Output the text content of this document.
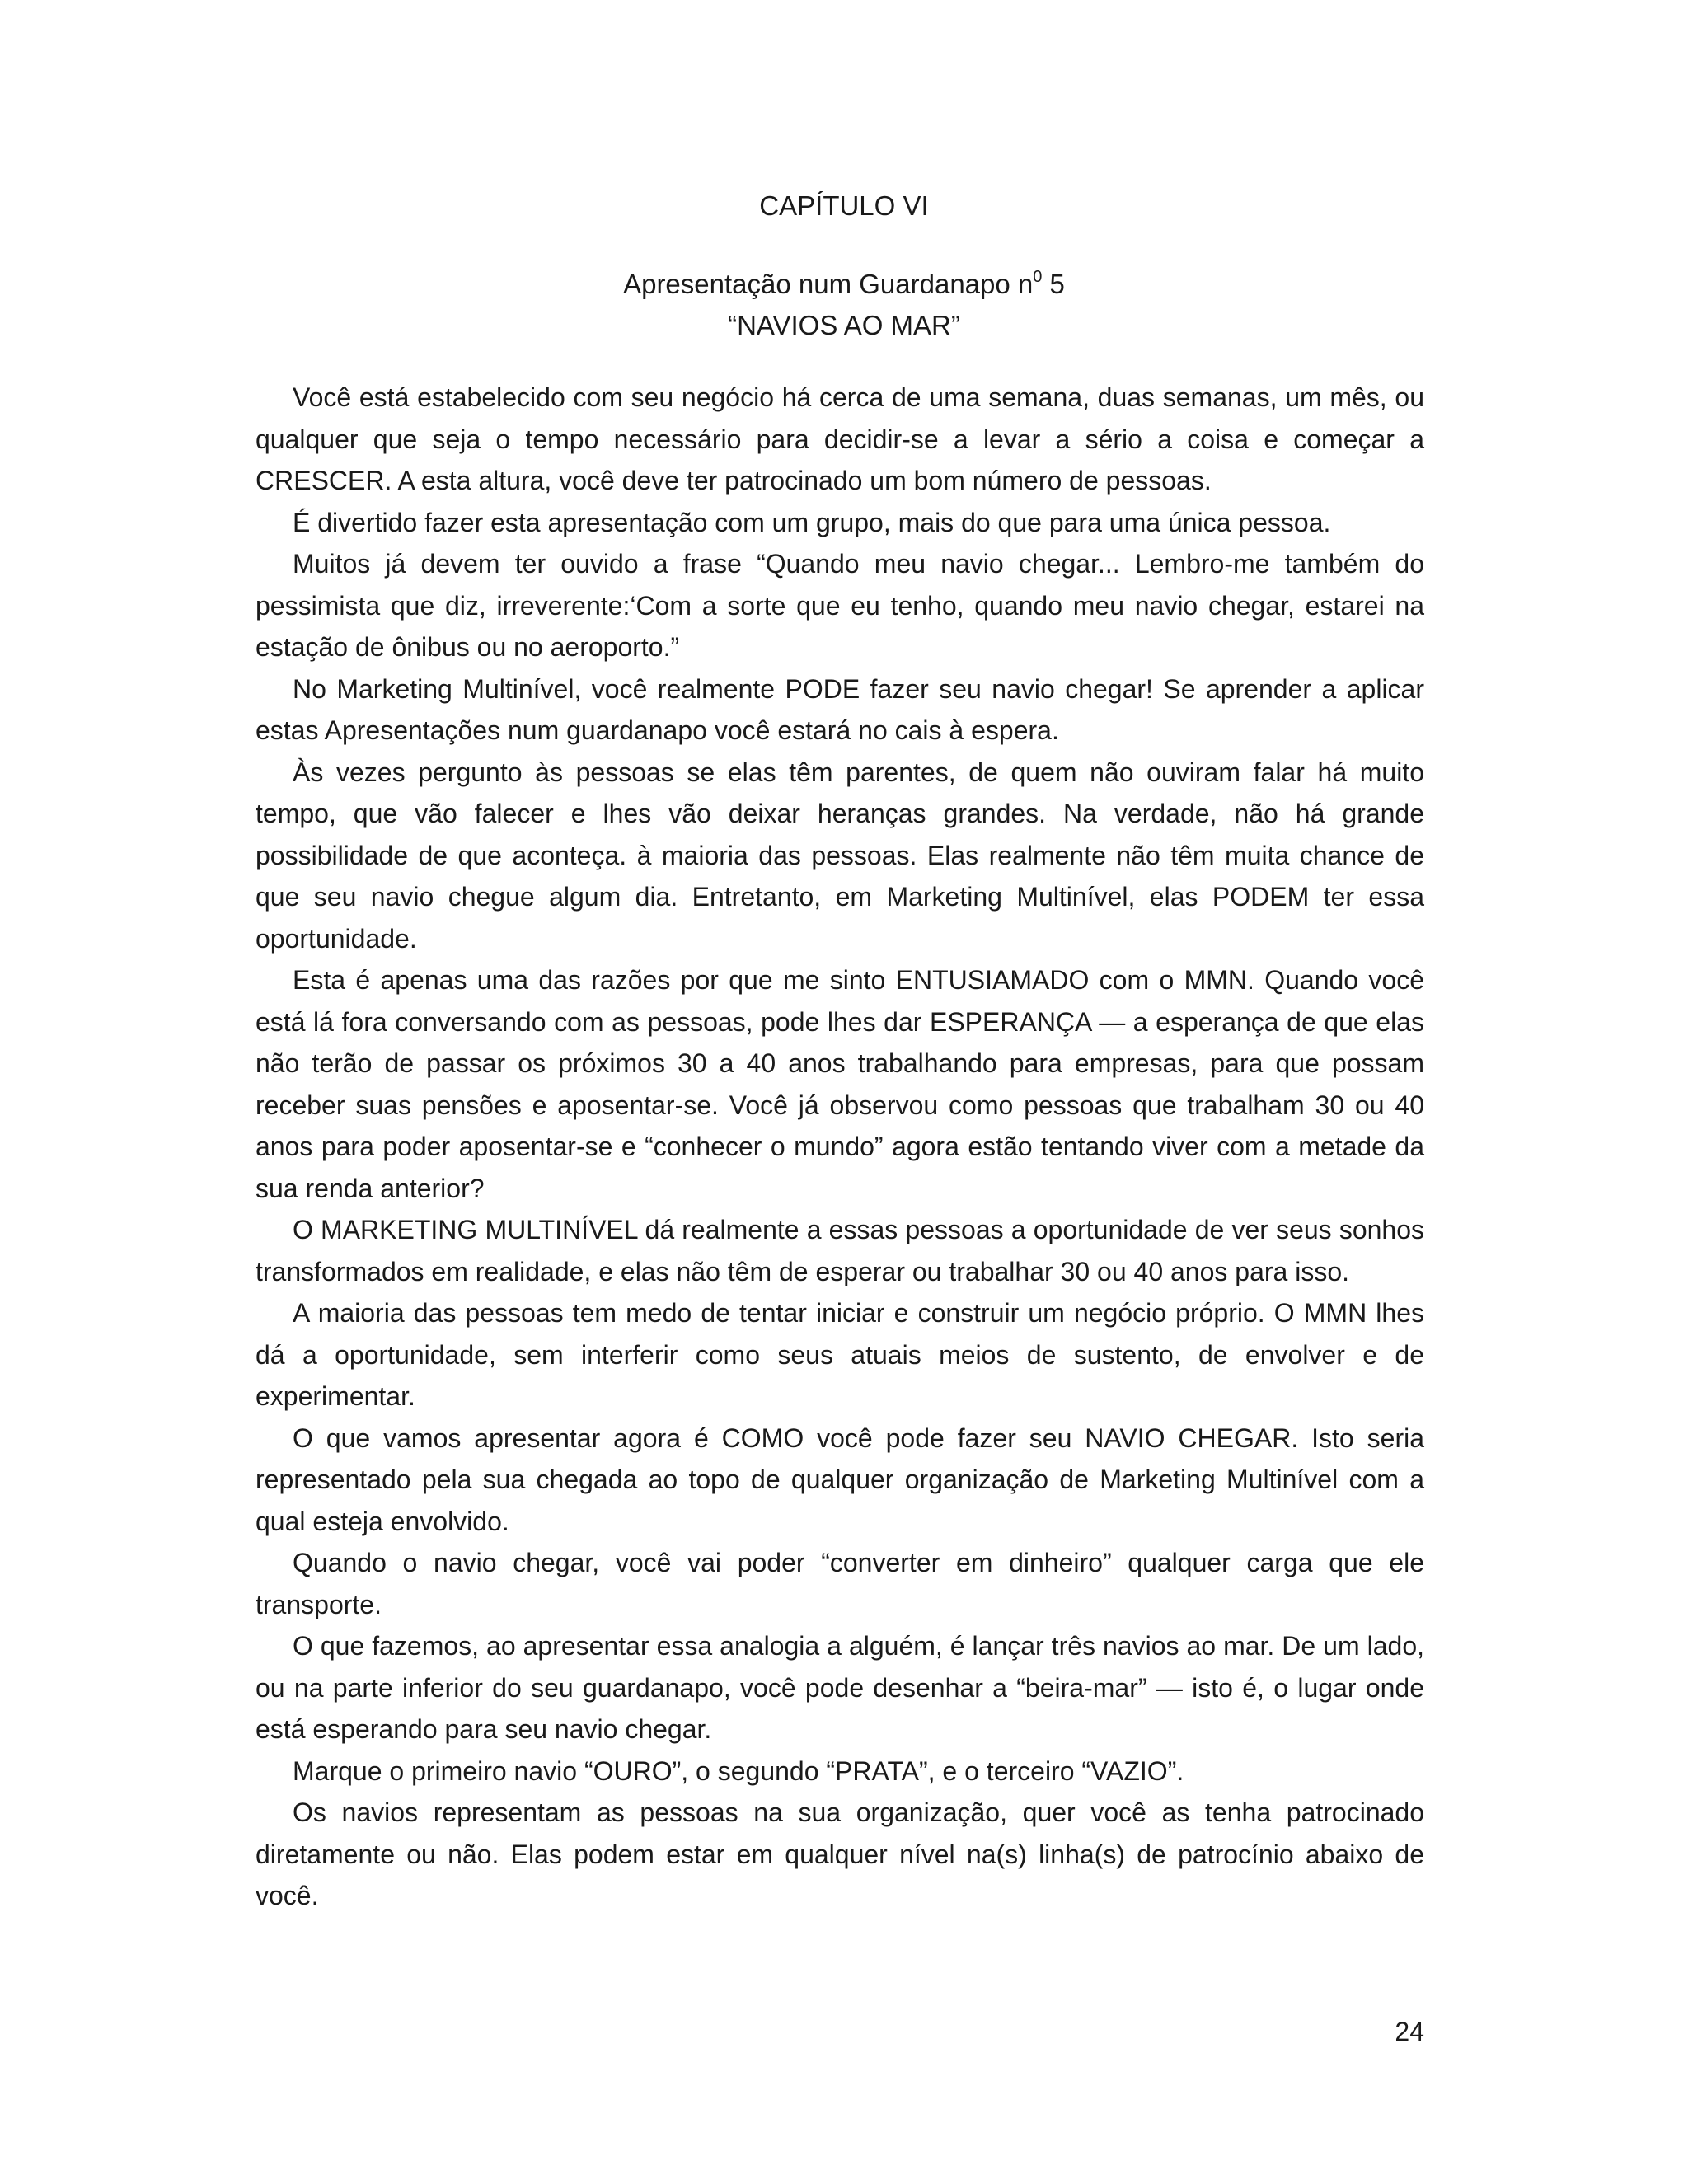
CAPÍTULO VI
Apresentação num Guardanapo $n^0$ 5
“NAVIOS AO MAR”

Você está estabelecido com seu negócio há cerca de uma semana, duas semanas, um mês, ou qualquer que seja o tempo necessário para decidir-se a levar a sério a coisa e começar a CRESCER. A esta altura, você deve ter patrocinado um bom número de pessoas.

É divertido fazer esta apresentação com um grupo, mais do que para uma única pessoa.

Muitos já devem ter ouvido a frase “Quando meu navio chegar... Lembro-me também do pessimista que diz, irreverente:‘Com a sorte que eu tenho, quando meu navio chegar, estarei na estação de ônibus ou no aeroporto.”

No Marketing Multinível, você realmente PODE fazer seu navio chegar! Se aprender a aplicar estas Apresentações num guardanapo você estará no cais à espera.

Às vezes pergunto às pessoas se elas têm parentes, de quem não ouviram falar há muito tempo, que vão falecer e lhes vão deixar heranças grandes. Na verdade, não há grande possibilidade de que aconteça. à maioria das pessoas. Elas realmente não têm muita chance de que seu navio chegue algum dia. Entretanto, em Marketing Multinível, elas PODEM ter essa oportunidade.

Esta é apenas uma das razões por que me sinto ENTUSIAMADO com o MMN. Quando você está lá fora conversando com as pessoas, pode lhes dar ESPERANÇA — a esperança de que elas não terão de passar os próximos 30 a 40 anos trabalhando para empresas, para que possam receber suas pensões e aposentar-se. Você já observou como pessoas que trabalham 30 ou 40 anos para poder aposentar-se e “conhecer o mundo” agora estão tentando viver com a metade da sua renda anterior?

O MARKETING MULTINÍVEL dá realmente a essas pessoas a oportunidade de ver seus sonhos transformados em realidade, e elas não têm de esperar ou trabalhar 30 ou 40 anos para isso.

A maioria das pessoas tem medo de tentar iniciar e construir um negócio próprio. O MMN lhes dá a oportunidade, sem interferir como seus atuais meios de sustento, de envolver e de experimentar.

O que vamos apresentar agora é COMO você pode fazer seu NAVIO CHEGAR. Isto seria representado pela sua chegada ao topo de qualquer organização de Marketing Multinível com a qual esteja envolvido.

Quando o navio chegar, você vai poder “converter em dinheiro” qualquer carga que ele transporte.

O que fazemos, ao apresentar essa analogia a alguém, é lançar três navios ao mar. De um lado, ou na parte inferior do seu guardanapo, você pode desenhar a “beira-mar” — isto é, o lugar onde está esperando para seu navio chegar.

Marque o primeiro navio “OURO”, o segundo “PRATA”, e o terceiro “VAZIO”.

Os navios representam as pessoas na sua organização, quer você as tenha patrocinado diretamente ou não. Elas podem estar em qualquer nível na(s) linha(s) de patrocínio abaixo de você.

24
